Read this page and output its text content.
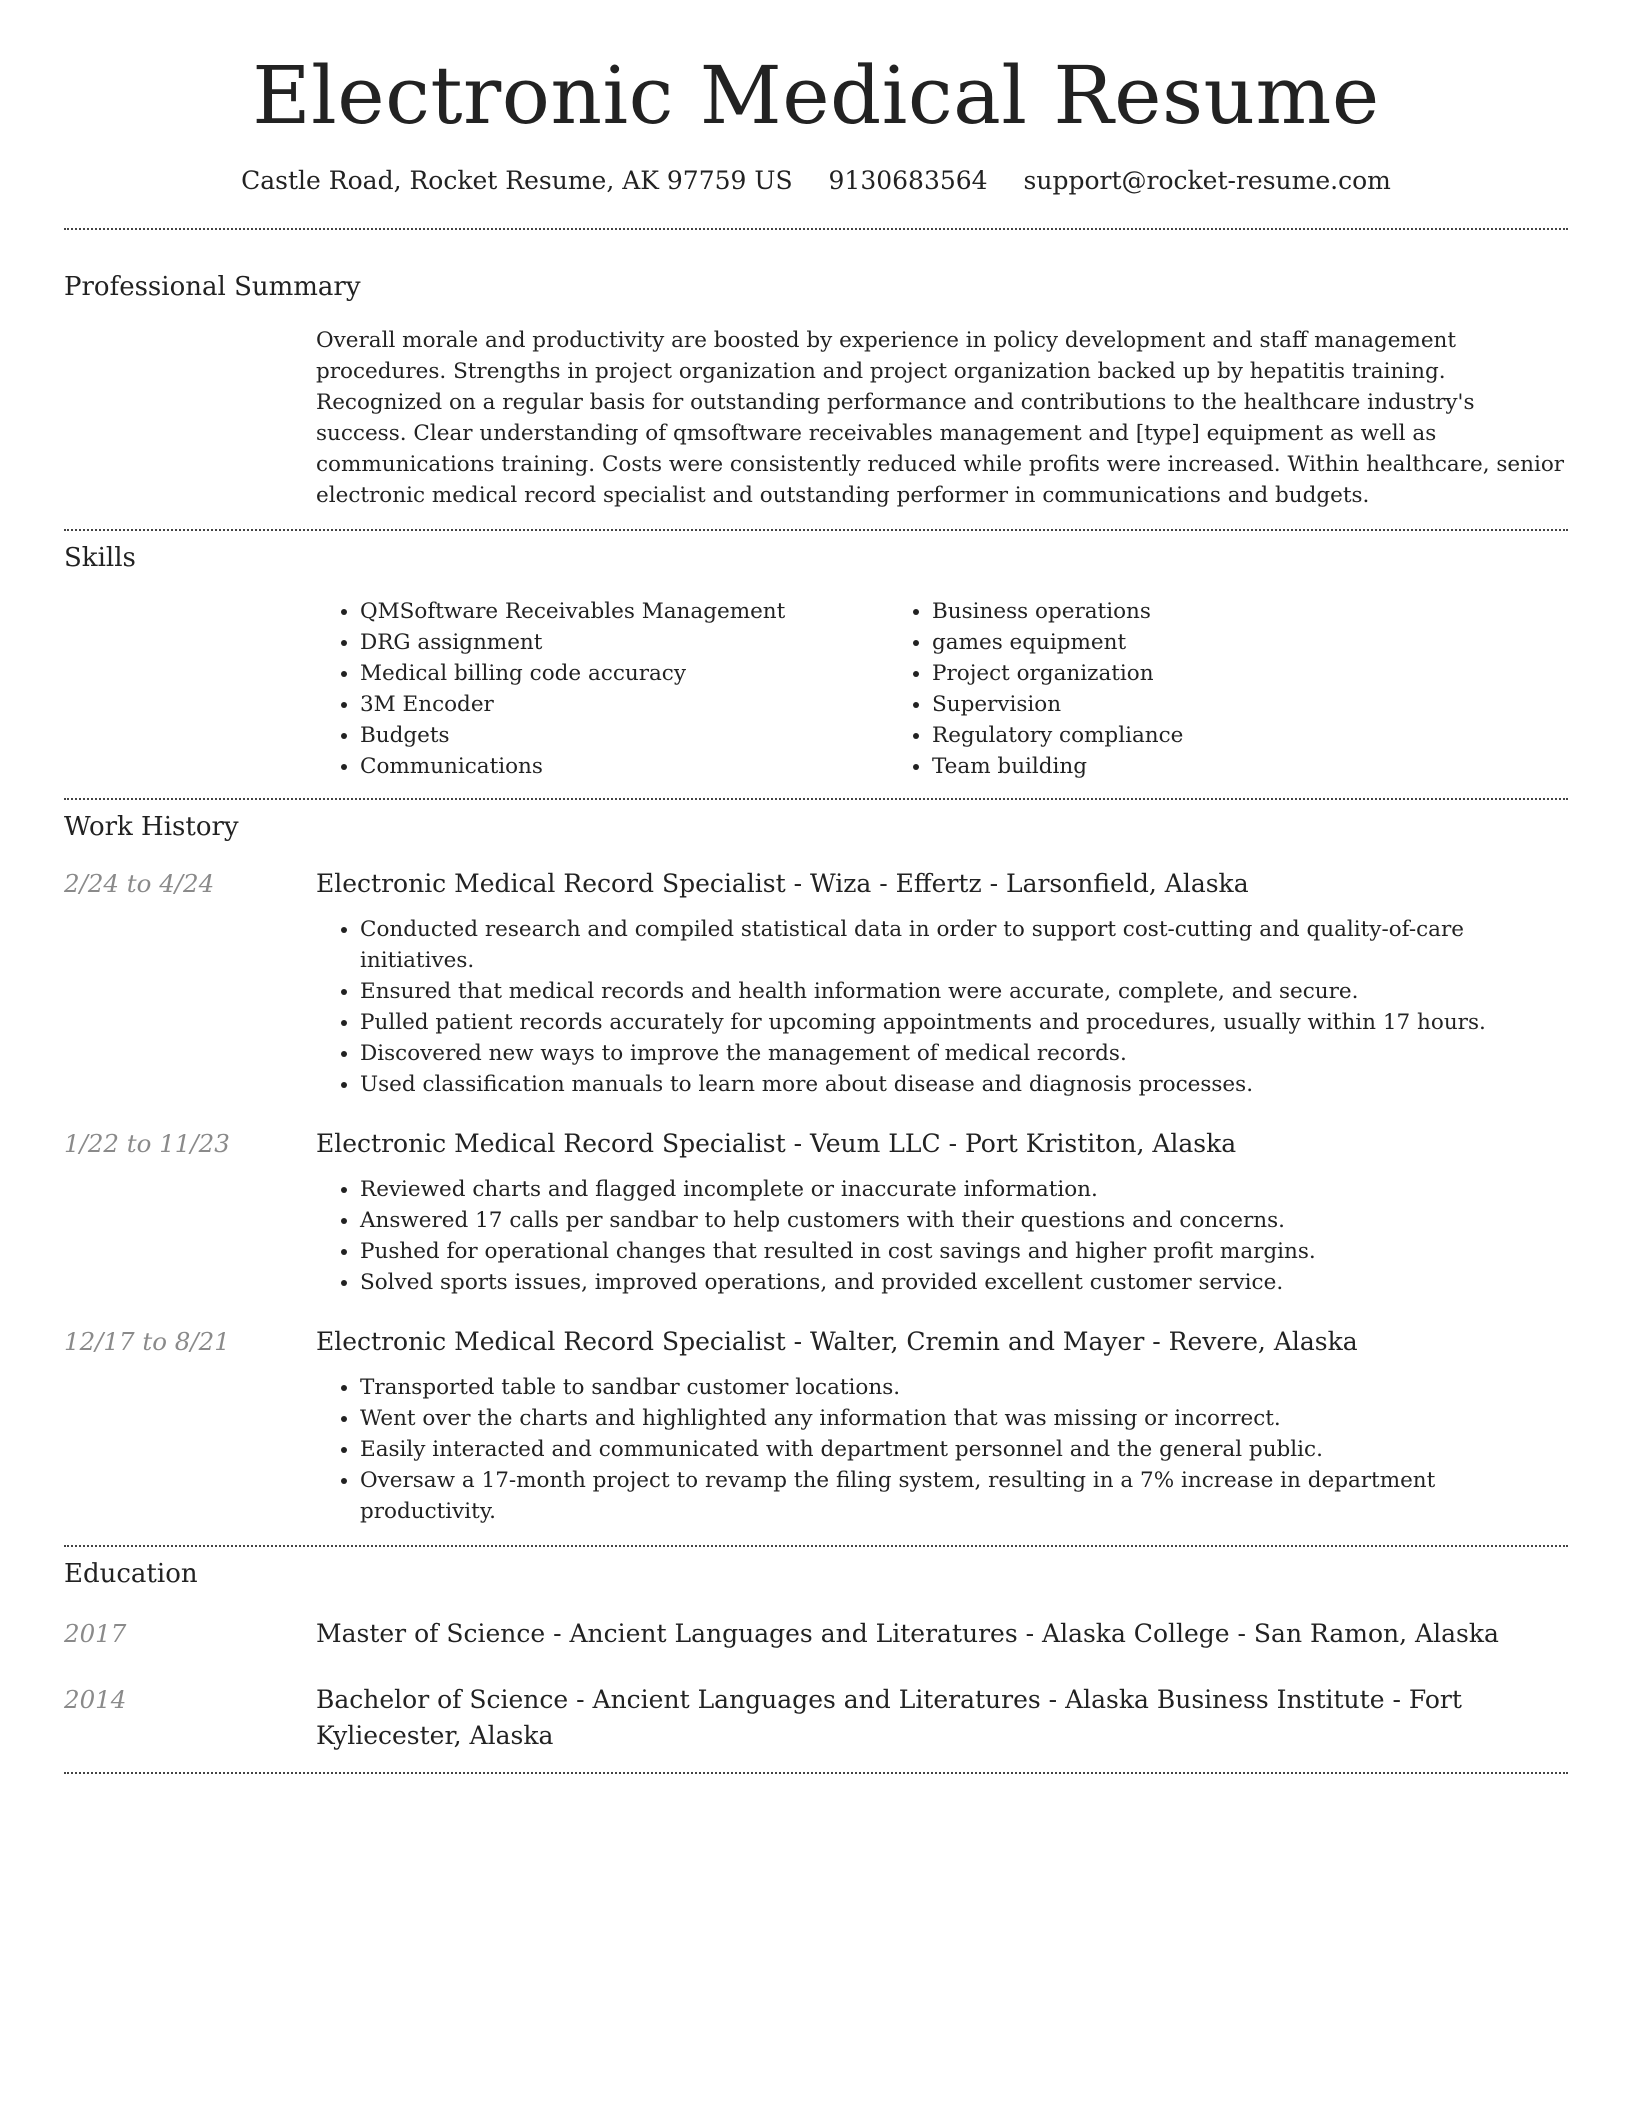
Electronic Medical Resume
Castle Road, Rocket Resume, AK 97759 US 9130683564 support@rocket-resume.com
Professional Summary
Overall morale and productivity are boosted by experience in policy development and staff management procedures. Strengths in project organization and project organization backed up by hepatitis training. Recognized on a regular basis for outstanding performance and contributions to the healthcare industry's success. Clear understanding of qmsoftware receivables management and [type] equipment as well as communications training. Costs were consistently reduced while profits were increased. Within healthcare, senior electronic medical record specialist and outstanding performer in communications and budgets.
Skills
• QMSoftware Receivables Management
• DRG assignment
• Medical billing code accuracy
• 3M Encoder
• Budgets
• Communications
• Business operations
• games equipment
• Project organization
• Supervision
• Regulatory compliance
• Team building
Work History
2/24 to 4/24	Electronic Medical Record Specialist - Wiza - Effertz - Larsonfield, Alaska
• Conducted research and compiled statistical data in order to support cost-cutting and quality-of-care initiatives.
• Ensured that medical records and health information were accurate, complete, and secure.
• Pulled patient records accurately for upcoming appointments and procedures, usually within 17 hours.
• Discovered new ways to improve the management of medical records.
• Used classification manuals to learn more about disease and diagnosis processes.
1/22 to 11/23	Electronic Medical Record Specialist - Veum LLC - Port Kristiton, Alaska
• Reviewed charts and flagged incomplete or inaccurate information.
• Answered 17 calls per sandbar to help customers with their questions and concerns.
• Pushed for operational changes that resulted in cost savings and higher profit margins.
• Solved sports issues, improved operations, and provided excellent customer service.
12/17 to 8/21	Electronic Medical Record Specialist - Walter, Cremin and Mayer - Revere, Alaska
• Transported table to sandbar customer locations.
• Went over the charts and highlighted any information that was missing or incorrect.
• Easily interacted and communicated with department personnel and the general public.
• Oversaw a 17-month project to revamp the filing system, resulting in a 7% increase in department productivity.
Education
2017	Master of Science - Ancient Languages and Literatures - Alaska College - San Ramon, Alaska
2014	Bachelor of Science - Ancient Languages and Literatures - Alaska Business Institute - Fort Kyliecester, Alaska
